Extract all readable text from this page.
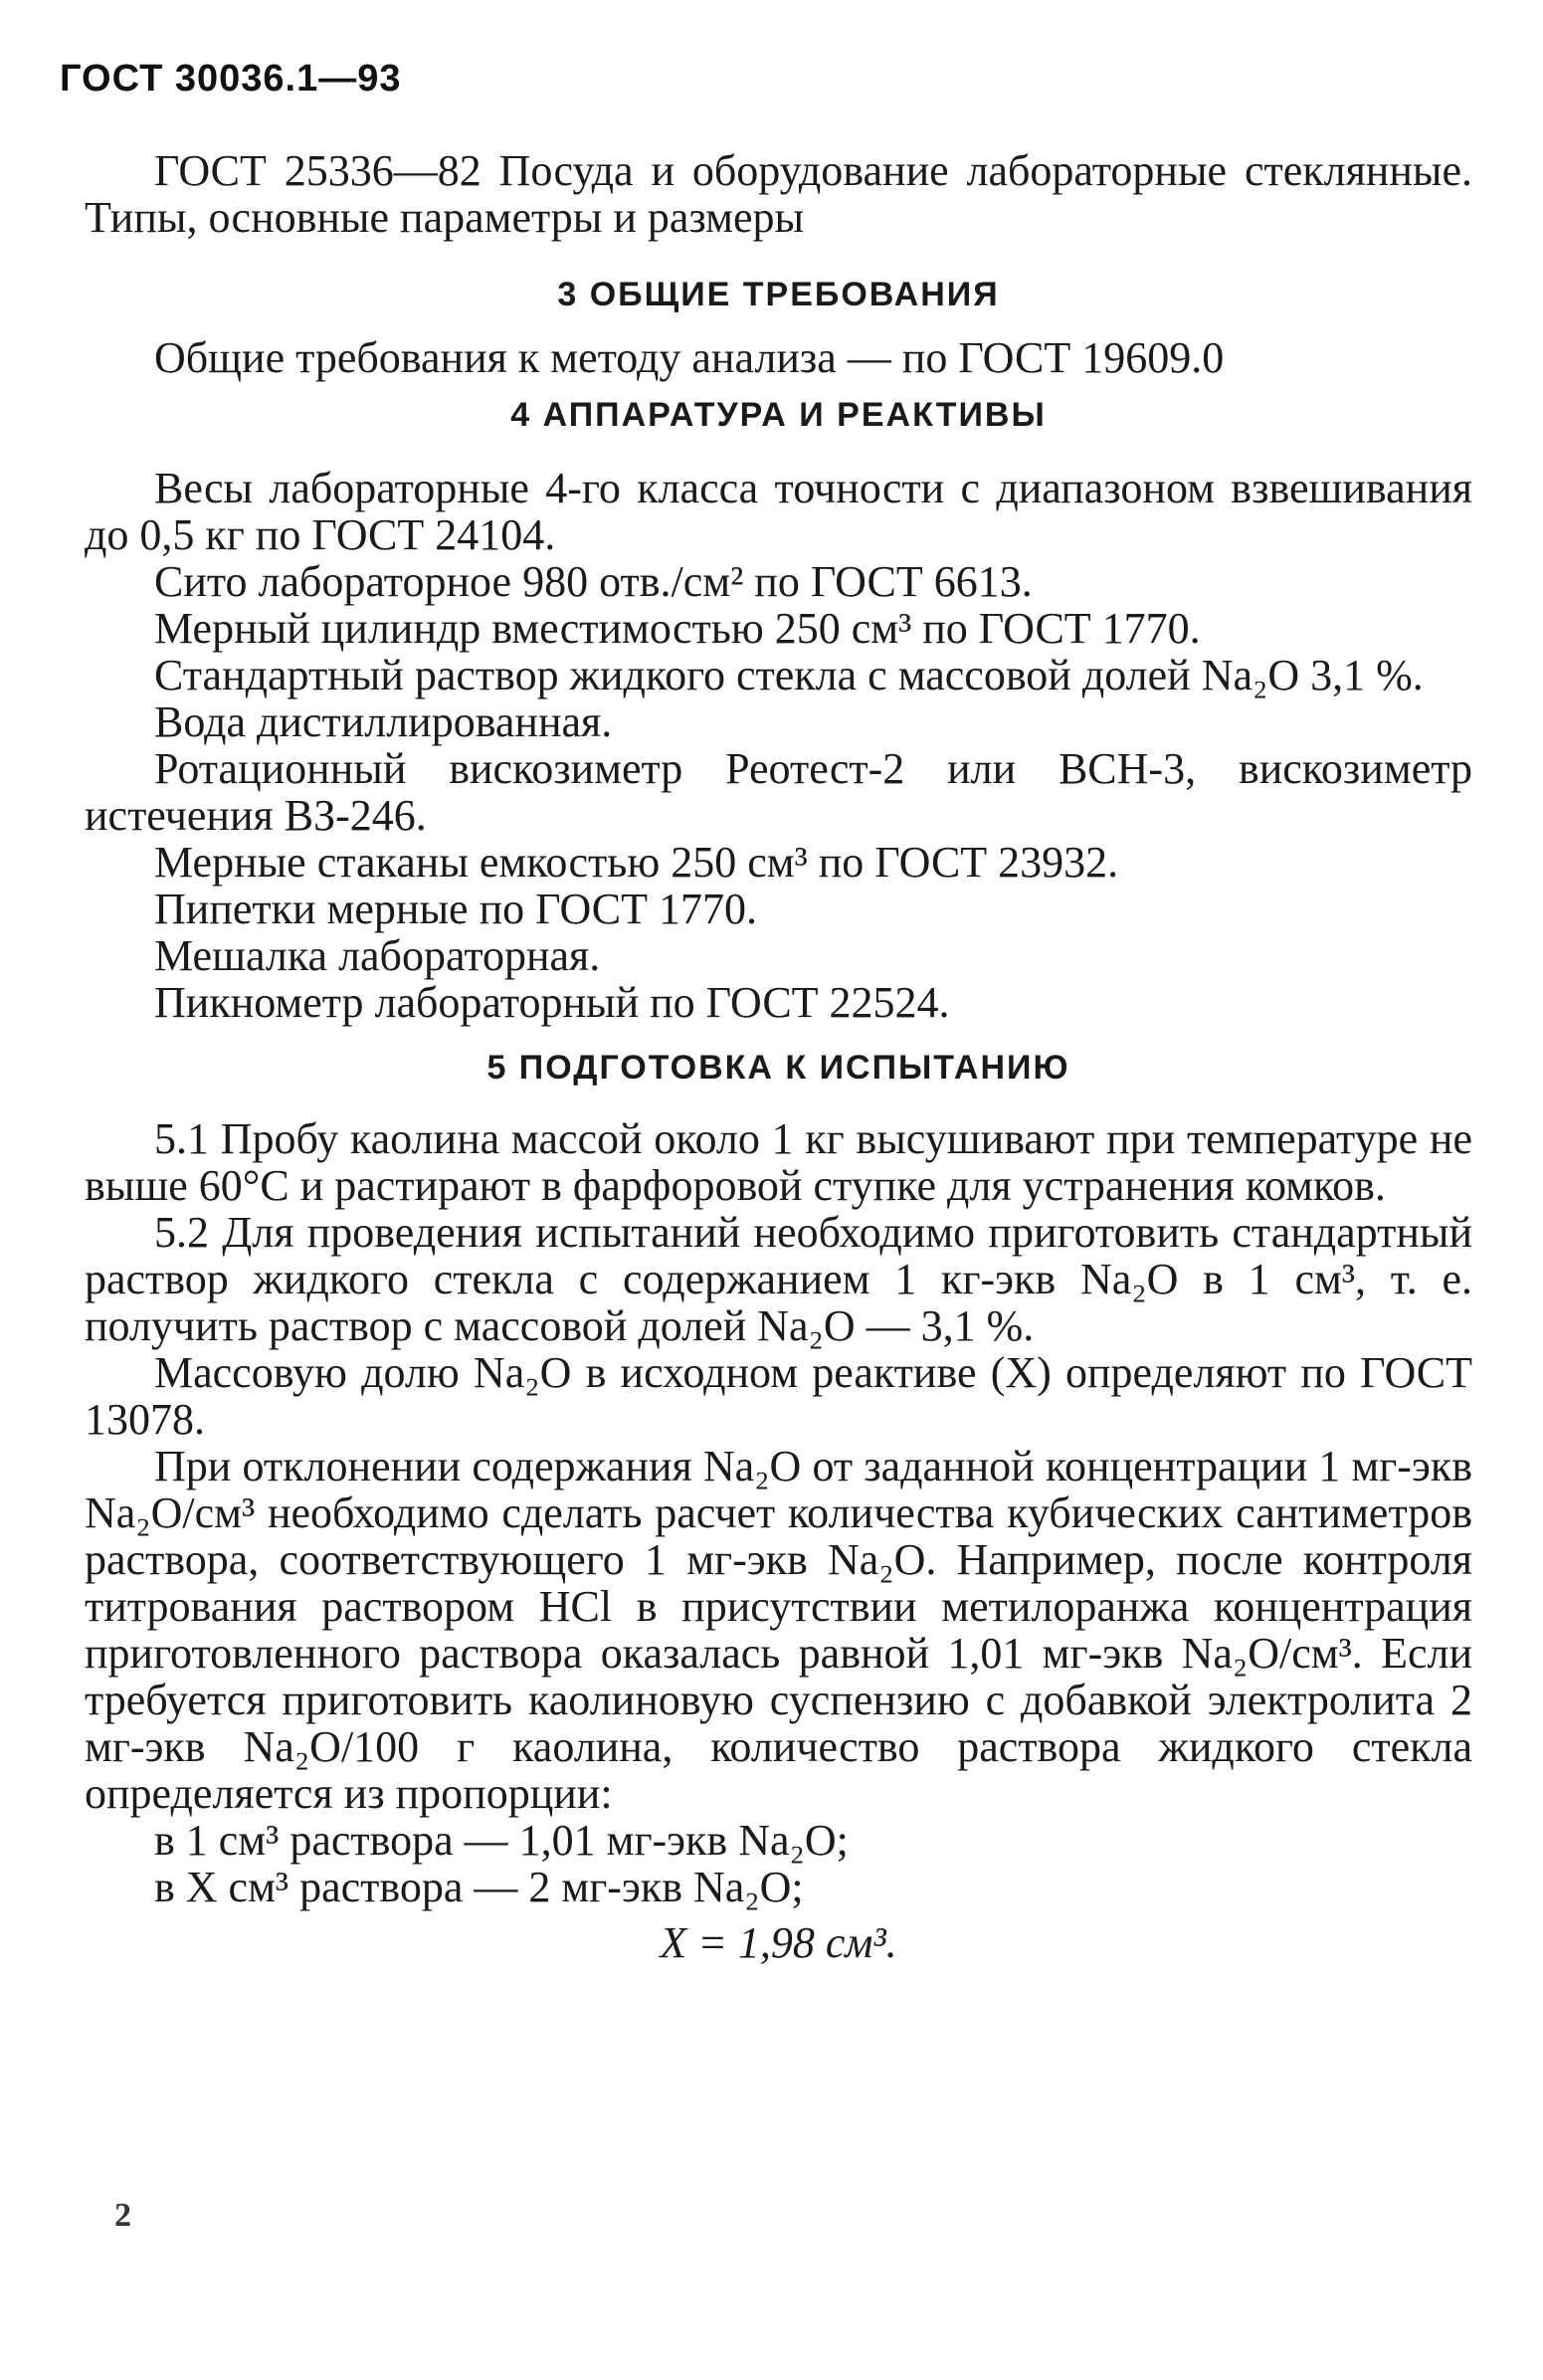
ГОСТ 30036.1—93

ГОСТ 25336—82 Посуда и оборудование лабораторные стеклянные. Типы, основные параметры и размеры

3 ОБЩИЕ ТРЕБОВАНИЯ

Общие требования к методу анализа — по ГОСТ 19609.0

4 АППАРАТУРА И РЕАКТИВЫ

Весы лабораторные 4-го класса точности с диапазоном взвешивания до 0,5 кг по ГОСТ 24104.

Сито лабораторное 980 отв./см² по ГОСТ 6613.

Мерный цилиндр вместимостью 250 см³ по ГОСТ 1770.

Стандартный раствор жидкого стекла с массовой долей Na₂O 3,1 %.

Вода дистиллированная.

Ротационный вискозиметр Реотест-2 или ВСН-3, вискозиметр истечения ВЗ-246.

Мерные стаканы емкостью 250 см³ по ГОСТ 23932.

Пипетки мерные по ГОСТ 1770.

Мешалка лабораторная.

Пикнометр лабораторный по ГОСТ 22524.

5 ПОДГОТОВКА К ИСПЫТАНИЮ

5.1 Пробу каолина массой около 1 кг высушивают при температуре не выше 60°С и растирают в фарфоровой ступке для устранения комков.

5.2 Для проведения испытаний необходимо приготовить стандартный раствор жидкого стекла с содержанием 1 кг-экв Na₂O в 1 см³, т. е. получить раствор с массовой долей Na₂O — 3,1 %.

Массовую долю Na₂O в исходном реактиве (X) определяют по ГОСТ 13078.

При отклонении содержания Na₂O от заданной концентрации 1 мг-экв Na₂O/см³ необходимо сделать расчет количества кубических сантиметров раствора, соответствующего 1 мг-экв Na₂O. Например, после контроля титрования раствором HCl в присутствии метилоранжа концентрация приготовленного раствора оказалась равной 1,01 мг-экв Na₂O/см³. Если требуется приготовить каолиновую суспензию с добавкой электролита 2 мг-экв Na₂O/100 г каолина, количество раствора жидкого стекла определяется из пропорции:

в 1 см³ раствора — 1,01 мг-экв Na₂O;

в X см³ раствора — 2 мг-экв Na₂O;

X = 1,98 см³.
2
